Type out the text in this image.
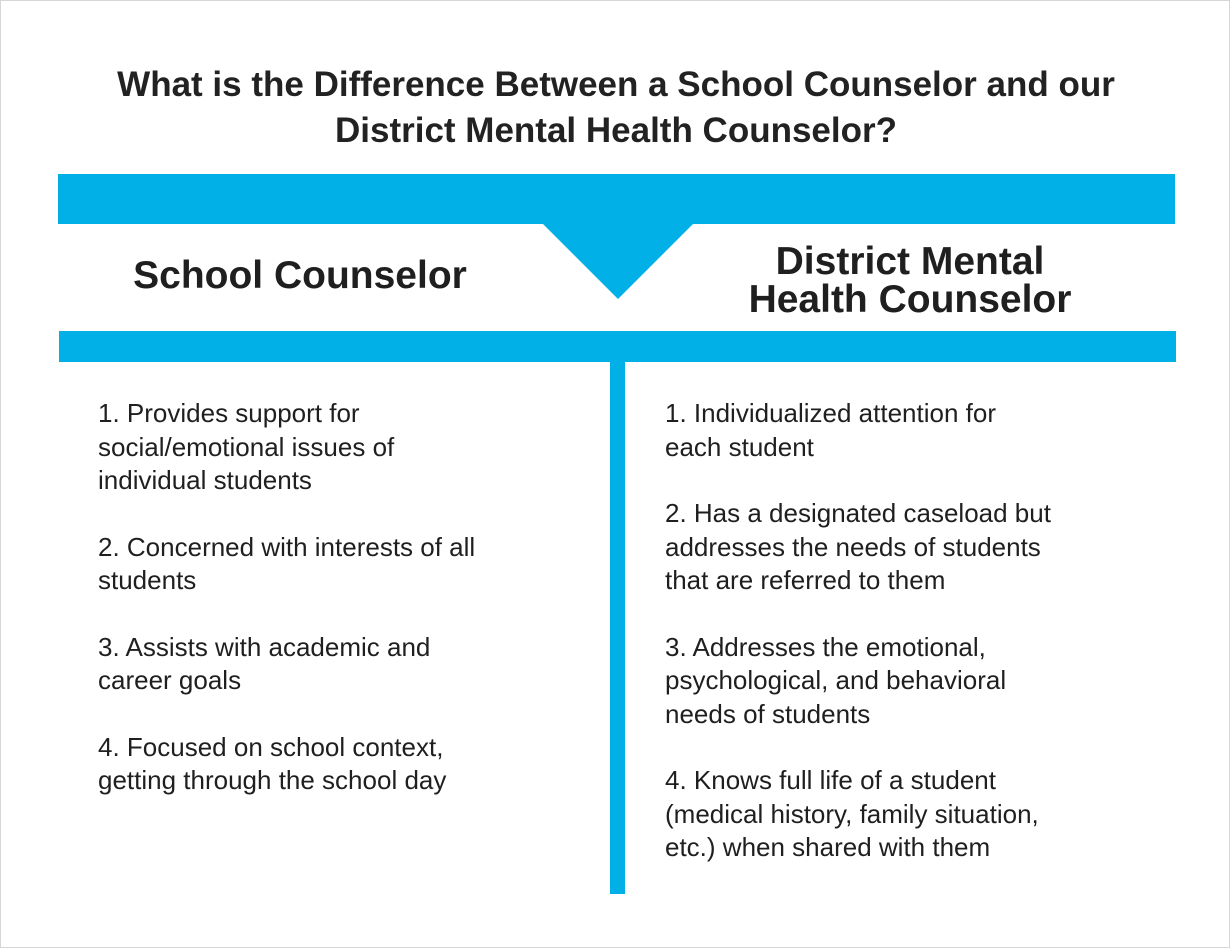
What is the Difference Between a School Counselor and our
District Mental Health Counselor?
School Counselor	District Mental
Health Counselor
1. Provides support for
social/emotional issues of
individual students
2. Concerned with interests of all
students
3. Assists with academic and
career goals
4. Focused on school context,
getting through the school day
1. Individualized attention for
each student
2. Has a designated caseload but
addresses the needs of students
that are referred to them
3. Addresses the emotional,
psychological, and behavioral
needs of students
4. Knows full life of a student
(medical history, family situation,
etc.) when shared with them
